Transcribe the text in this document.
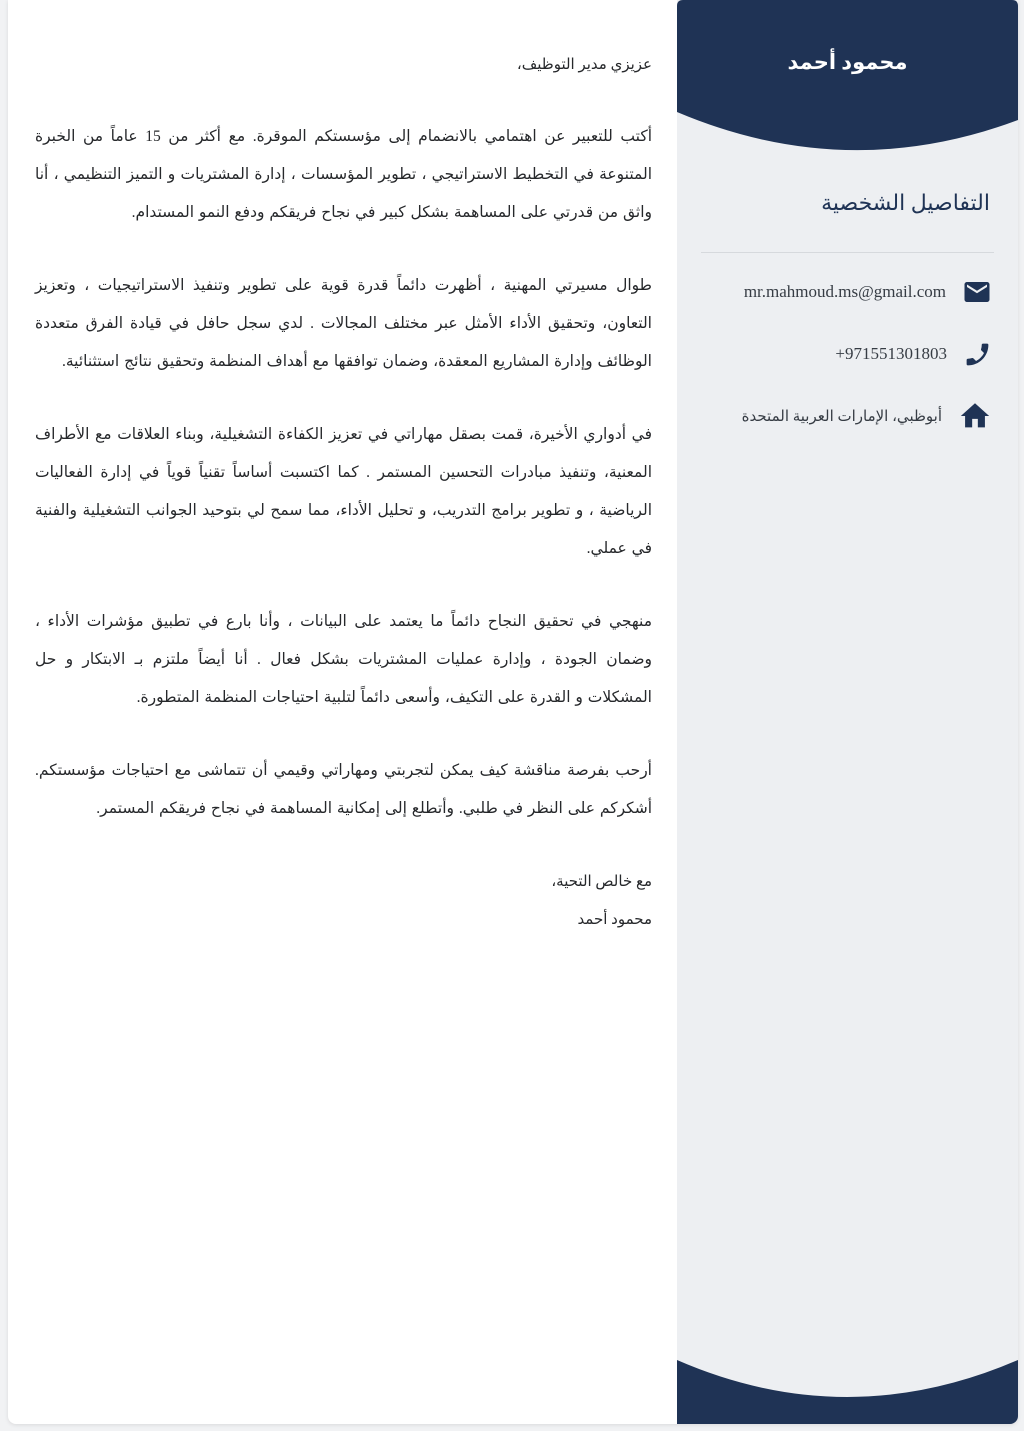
عزيزي مدير التوظيف،
أكتب للتعبير عن اهتمامي بالانضمام إلى مؤسستكم الموقرة. مع أكثر من 15 عاماً من الخبرة المتنوعة في التخطيط الاستراتيجي ، تطوير المؤسسات ، إدارة المشتريات و التميز التنظيمي ، أنا واثق من قدرتي على المساهمة بشكل كبير في نجاح فريقكم ودفع النمو المستدام.
طوال مسيرتي المهنية ، أظهرت دائماً قدرة قوية على تطوير وتنفيذ الاستراتيجيات ، وتعزيز التعاون، وتحقيق الأداء الأمثل عبر مختلف المجالات . لدي سجل حافل في قيادة الفرق متعددة الوظائف وإدارة المشاريع المعقدة، وضمان توافقها مع أهداف المنظمة وتحقيق نتائج استثنائية.
في أدواري الأخيرة، قمت بصقل مهاراتي في تعزيز الكفاءة التشغيلية، وبناء العلاقات مع الأطراف المعنية، وتنفيذ مبادرات التحسين المستمر . كما اكتسبت أساساً تقنياً قوياً في إدارة الفعاليات الرياضية ، و تطوير برامج التدريب، و تحليل الأداء، مما سمح لي بتوحيد الجوانب التشغيلية والفنية في عملي.
منهجي في تحقيق النجاح دائماً ما يعتمد على البيانات ، وأنا بارع في تطبيق مؤشرات الأداء ، وضمان الجودة ، وإدارة عمليات المشتريات بشكل فعال . أنا أيضاً ملتزم بـ الابتكار و حل المشكلات و القدرة على التكيف، وأسعى دائماً لتلبية احتياجات المنظمة المتطورة.
أرحب بفرصة مناقشة كيف يمكن لتجربتي ومهاراتي وقيمي أن تتماشى مع احتياجات مؤسستكم. أشكركم على النظر في طلبي. وأتطلع إلى إمكانية المساهمة في نجاح فريقكم المستمر.
مع خالص التحية،
محمود أحمد
محمود أحمد
التفاصيل الشخصية
mr.mahmoud.ms@gmail.com
+971551301803
أبوظبي، الإمارات العربية المتحدة
